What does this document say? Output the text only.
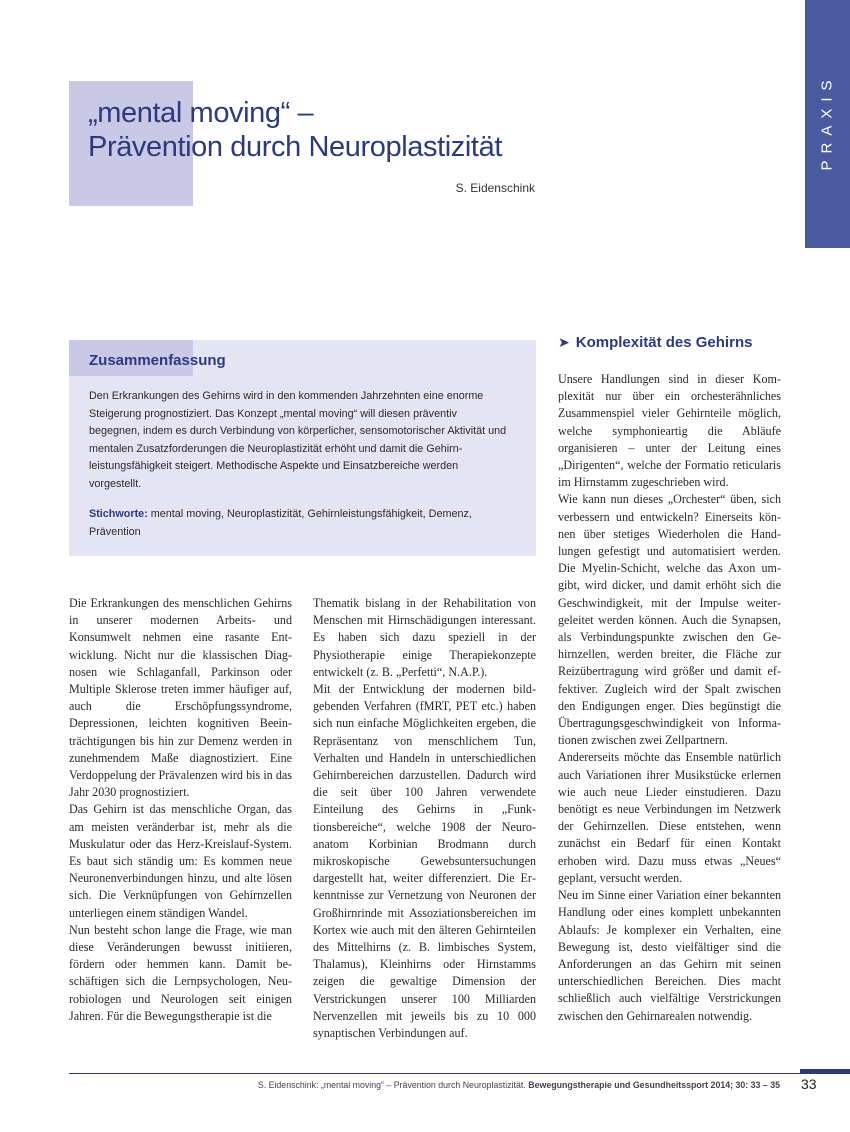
PRAXIS
„mental moving“ –
Prävention durch Neuroplastizität
S. Eidenschink
Zusammenfassung

Den Erkrankungen des Gehirns wird in den kommenden Jahrzehnten eine enorme Steigerung prognostiziert. Das Konzept „mental moving“ will diesen präventiv begegnen, indem es durch Verbindung von körperlicher, sensomotorischer Aktivität und mentalen Zusatzforderungen die Neuroplastizität erhöht und damit die Gehirnleistungsfähigkeit steigert. Methodische Aspekte und Einsatzbereiche werden vorgestellt.

Stichworte: mental moving, Neuroplastizität, Gehirnleistungsfähigkeit, Demenz, Prävention

Die Erkrankungen des menschlichen Gehirns in unserer modernen Arbeits- und Konsumwelt nehmen eine rasante Entwicklung. Nicht nur die klassischen Diagnosen wie Schlaganfall, Parkinson oder Multiple Sklerose treten immer häufiger auf, auch die Erschöpfungssyndrome, Depressionen, leichten kognitiven Beeinträchtigungen bis hin zur Demenz werden in zunehmendem Maße diagnostiziert. Eine Verdoppelung der Prävalenzen wird bis in das Jahr 2030 prognostiziert.

Das Gehirn ist das menschliche Organ, das am meisten veränderbar ist, mehr als die Muskulatur oder das Herz-Kreislauf-System. Es baut sich ständig um: Es kommen neue Neuronenverbindungen hinzu, und alte lösen sich. Die Verknüpfungen von Gehirnzellen unterliegen einem ständigen Wandel.

Nun besteht schon lange die Frage, wie man diese Veränderungen bewusst initiieren, fördern oder hemmen kann. Damit beschäftigen sich die Lernpsychologen, Neurobiologen und Neurologen seit einigen Jahren. Für die Bewegungstherapie ist die

Thematik bislang in der Rehabilitation von Menschen mit Hirnschädigungen interessant. Es haben sich dazu speziell in der Physiotherapie einige Therapiekonzepte entwickelt (z. B. „Perfetti“, N.A.P.).

Mit der Entwicklung der modernen bildgebenden Verfahren (fMRT, PET etc.) haben sich nun einfache Möglichkeiten ergeben, die Repräsentanz von menschlichem Tun, Verhalten und Handeln in unterschiedlichen Gehirnbereichen darzustellen. Dadurch wird die seit über 100 Jahren verwendete Einteilung des Gehirns in „Funktionsbereiche“, welche 1908 der Neuroanatom Korbinian Brodmann durch mikroskopische Gewebsuntersuchungen dargestellt hat, weiter differenziert. Die Erkenntnisse zur Vernetzung von Neuronen der Großhirnrinde mit Assoziationsbereichen im Kortex wie auch mit den älteren Gehirnteilen des Mittelhirns (z. B. limbisches System, Thalamus), Kleinhirns oder Hirnstamms zeigen die gewaltige Dimension der Verstrickungen unserer 100 Milliarden Nervenzellen mit jeweils bis zu 10 000 synaptischen Verbindungen auf.

➤ Komplexität des Gehirns

Unsere Handlungen sind in dieser Komplexität nur über ein orchesterähnliches Zusammenspiel vieler Gehirnteile möglich, welche symphonieartig die Abläufe organisieren – unter der Leitung eines „Dirigenten“, welche der Formatio reticularis im Hirnstamm zugeschrieben wird.

Wie kann nun dieses „Orchester“ üben, sich verbessern und entwickeln? Einerseits können über stetiges Wiederholen die Handlungen gefestigt und automatisiert werden. Die Myelin-Schicht, welche das Axon umgibt, wird dicker, und damit erhöht sich die Geschwindigkeit, mit der Impulse weitergeleitet werden können. Auch die Synapsen, als Verbindungspunkte zwischen den Gehirnzellen, werden breiter, die Fläche zur Reizübertragung wird größer und damit effektiver. Zugleich wird der Spalt zwischen den Endigungen enger. Dies begünstigt die Übertragungsgeschwindigkeit von Informationen zwischen zwei Zellpartnern.

Andererseits möchte das Ensemble natürlich auch Variationen ihrer Musikstücke erlernen wie auch neue Lieder einstudieren. Dazu benötigt es neue Verbindungen im Netzwerk der Gehirnzellen. Diese entstehen, wenn zunächst ein Bedarf für einen Kontakt erhoben wird. Dazu muss etwas „Neues“ geplant, versucht werden.

Neu im Sinne einer Variation einer bekannten Handlung oder eines komplett unbekannten Ablaufs: Je komplexer ein Verhalten, eine Bewegung ist, desto vielfältiger sind die Anforderungen an das Gehirn mit seinen unterschiedlichen Bereichen. Dies macht schließlich auch vielfältige Verstrickungen zwischen den Gehirnarealen notwendig.

S. Eidenschink: „mental moving“ – Prävention durch Neuroplastizität. Bewegungstherapie und Gesundheitssport 2014; 30: 33 – 35 33
